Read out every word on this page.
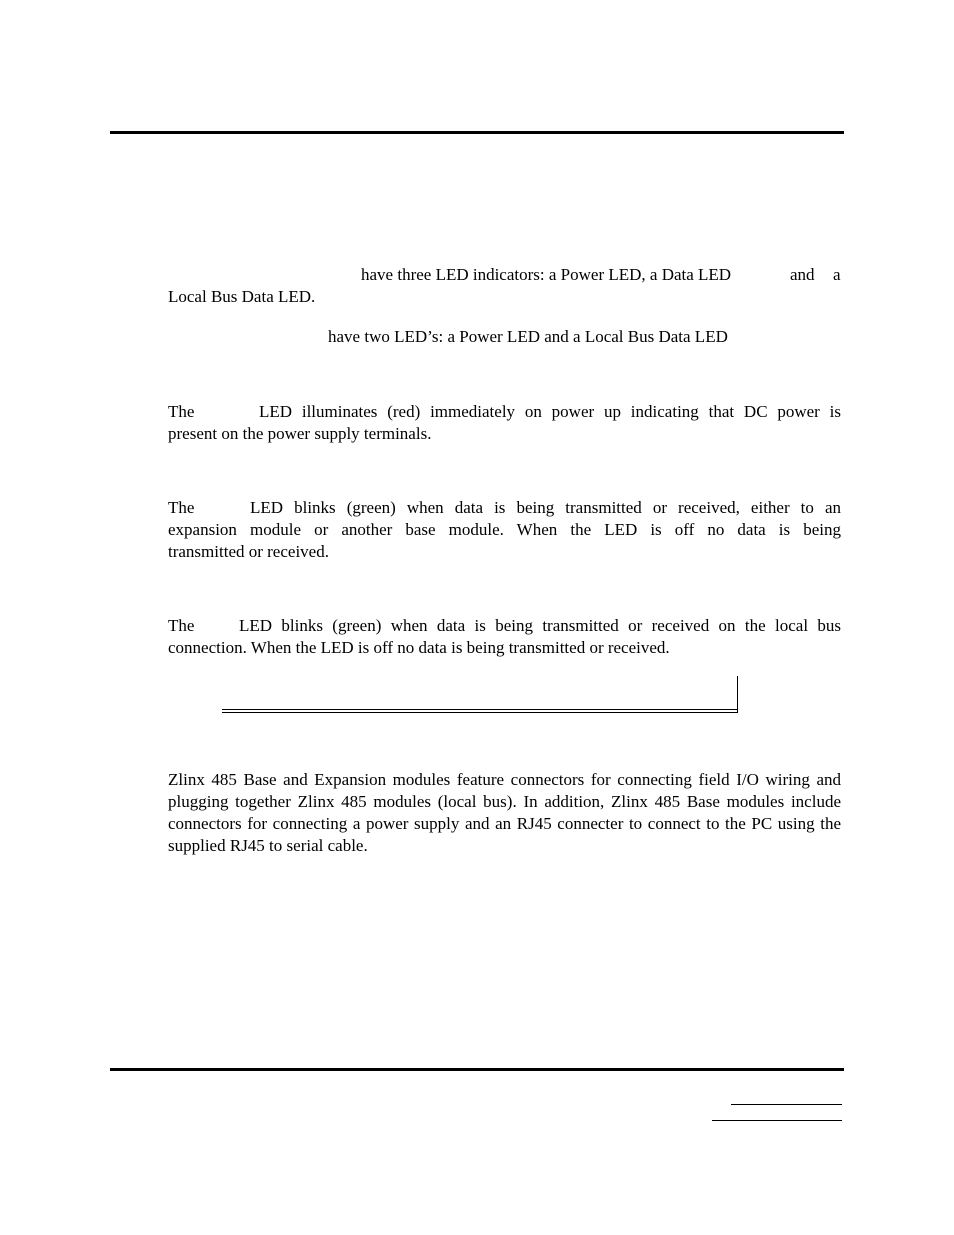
have three LED indicators: a Power LED, a Data LED	and a
Local Bus Data LED.
have two LED’s: a Power LED and a Local Bus Data LED
The	LED illuminates (red) immediately on power up indicating that DC power is
present on the power supply terminals.
The	LED blinks (green) when data is being transmitted or received, either to an
expansion module or another base module. When the LED is off no data is being
transmitted or received.
The	LED blinks (green) when data is being transmitted or received on the local bus
connection. When the LED is off no data is being transmitted or received.
Zlinx 485 Base and Expansion modules feature connectors for connecting field I/O wiring and plugging together Zlinx 485 modules (local bus). In addition, Zlinx 485 Base modules include connectors for connecting a power supply and an RJ45 connecter to connect to the PC using the supplied RJ45 to serial cable.
